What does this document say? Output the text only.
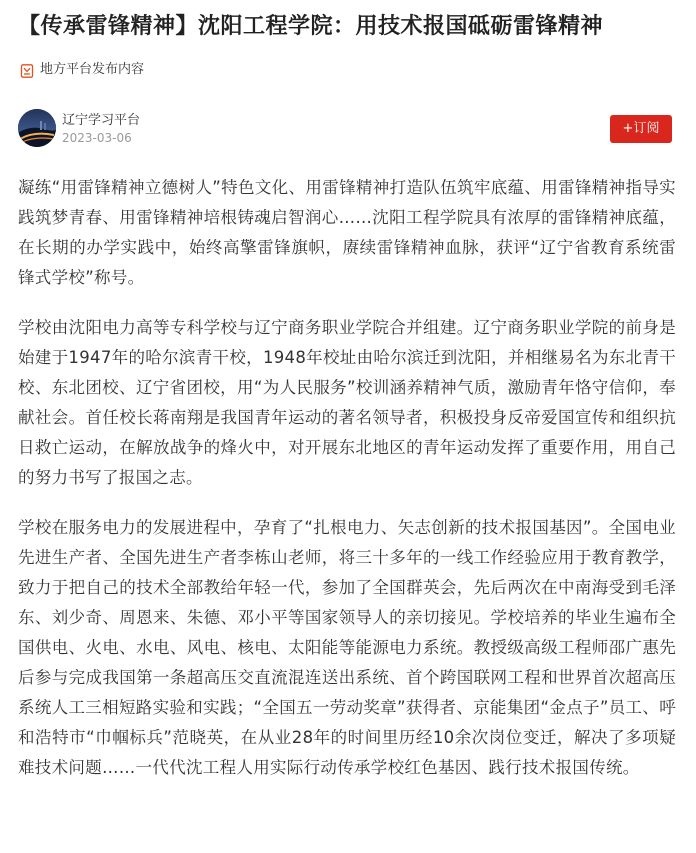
【传承雷锋精神】沈阳工程学院：用技术报国砥砺雷锋精神
地方平台发布内容
辽宁学习平台
2023-03-06
+订阅

凝练“用雷锋精神立德树人”特色文化、用雷锋精神打造队伍筑牢底蕴、用雷锋精神指导实践筑梦青春、用雷锋精神培根铸魂启智润心……沈阳工程学院具有浓厚的雷锋精神底蕴，在长期的办学实践中，始终高擎雷锋旗帜，赓续雷锋精神血脉，获评“辽宁省教育系统雷锋式学校”称号。

学校由沈阳电力高等专科学校与辽宁商务职业学院合并组建。辽宁商务职业学院的前身是始建于1947年的哈尔滨青干校，1948年校址由哈尔滨迁到沈阳，并相继易名为东北青干校、东北团校、辽宁省团校，用“为人民服务”校训涵养精神气质，激励青年恪守信仰，奉献社会。首任校长蒋南翔是我国青年运动的著名领导者，积极投身反帝爱国宣传和组织抗日救亡运动，在解放战争的烽火中，对开展东北地区的青年运动发挥了重要作用，用自己的努力书写了报国之志。

学校在服务电力的发展进程中，孕育了“扎根电力、矢志创新的技术报国基因”。全国电业先进生产者、全国先进生产者李栋山老师，将三十多年的一线工作经验应用于教育教学，致力于把自己的技术全部教给年轻一代，参加了全国群英会，先后两次在中南海受到毛泽东、刘少奇、周恩来、朱德、邓小平等国家领导人的亲切接见。学校培养的毕业生遍布全国供电、火电、水电、风电、核电、太阳能等能源电力系统。教授级高级工程师邵广惠先后参与完成我国第一条超高压交直流混连送出系统、首个跨国联网工程和世界首次超高压系统人工三相短路实验和实践；“全国五一劳动奖章”获得者、京能集团“金点子”员工、呼和浩特市“巾帼标兵”范晓英，在从业28年的时间里历经10余次岗位变迁，解决了多项疑难技术问题……一代代沈工程人用实际行动传承学校红色基因、践行技术报国传统。
